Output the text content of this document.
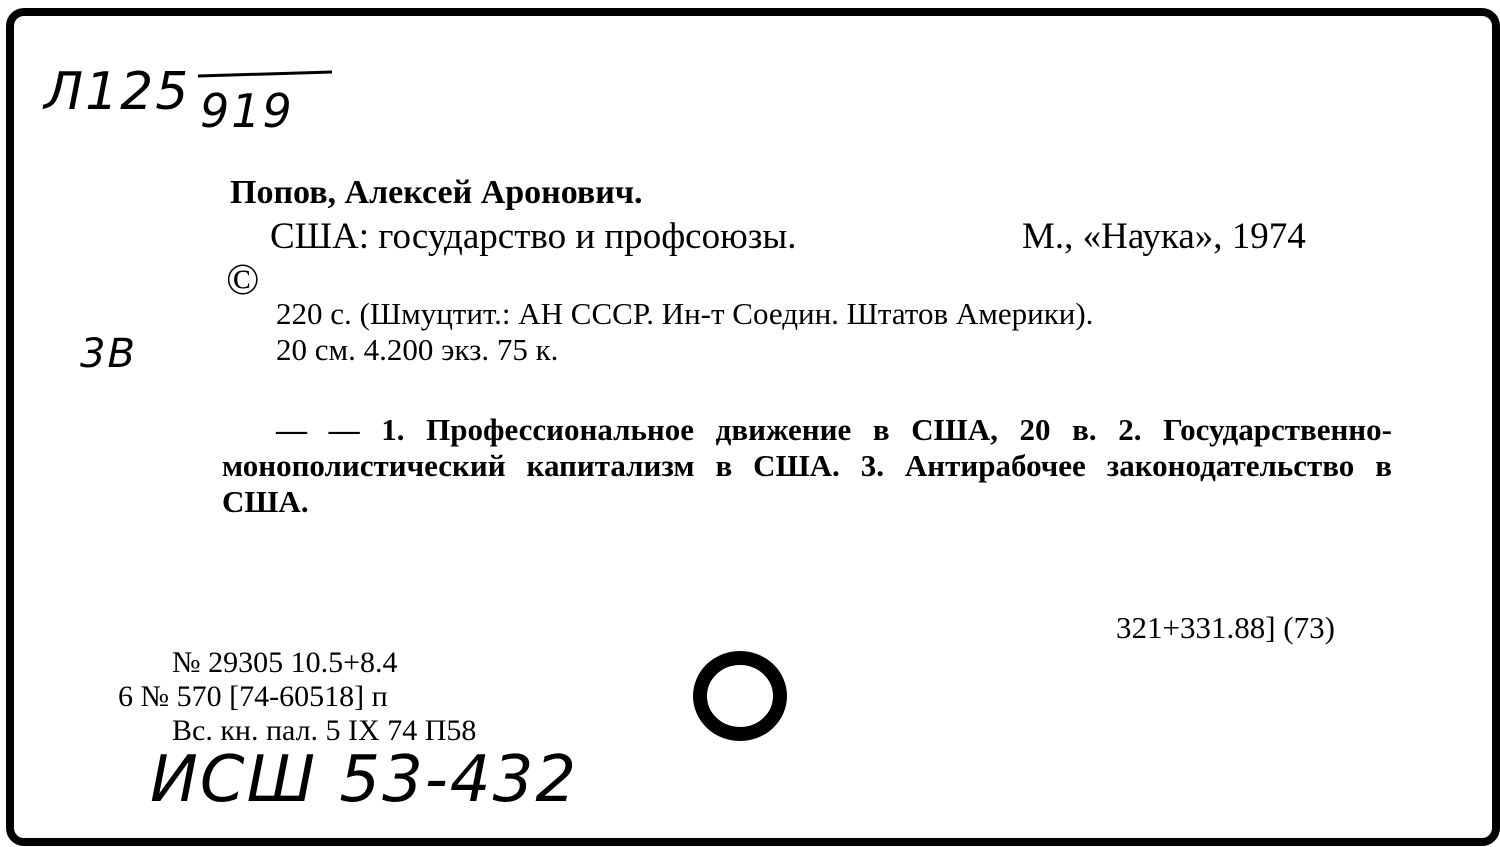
Л125 919
Попов, Алексей Аронович.
США: государство и профсоюзы.	М., «Наука», 1974
©
220 с. (Шмуцтит.: АН СССР. Ин-т Соедин. Штатов Америки).
20 см. 4.200 экз. 75 к.
3В
— — 1. Профессиональное движение в США, 20 в. 2. Государственно-монополистический капитализм в США. 3. Антирабочее законодательство в США.
321+331.88] (73)
№ 29305 10.5+8.4
6 № 570 [74-60518] п
Вс. кн. пал. 5 IX 74 П58
ИСШ 53-432
